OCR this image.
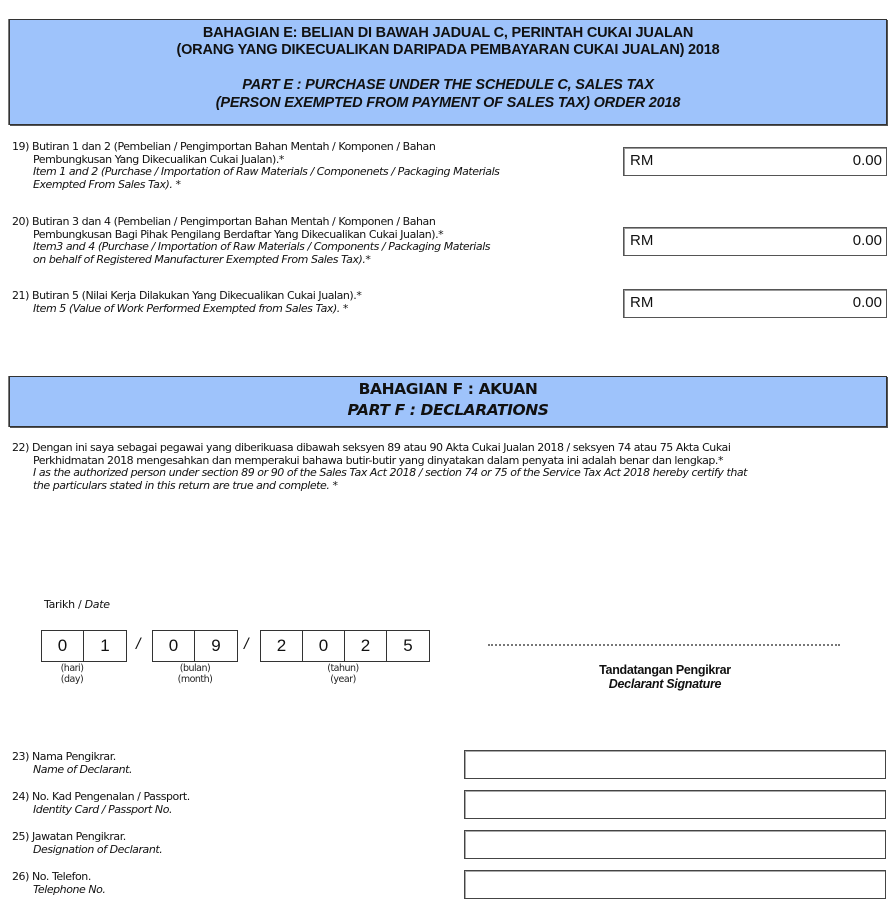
BAHAGIAN E: BELIAN DI BAWAH JADUAL C, PERINTAH CUKAI JUALAN
(ORANG YANG DIKECUALIKAN DARIPADA PEMBAYARAN CUKAI JUALAN) 2018
PART E : PURCHASE UNDER THE SCHEDULE C, SALES TAX
(PERSON EXEMPTED FROM PAYMENT OF SALES TAX) ORDER 2018
19) Butiran 1 dan 2 (Pembelian / Pengimportan Bahan Mentah / Komponen / Bahan
Pembungkusan Yang Dikecualikan Cukai Jualan).*
Item 1 and 2 (Purchase / Importation of Raw Materials / Componenets / Packaging Materials
Exempted From Sales Tax). *
RM	0.00
20) Butiran 3 dan 4 (Pembelian / Pengimportan Bahan Mentah / Komponen / Bahan
Pembungkusan Bagi Pihak Pengilang Berdaftar Yang Dikecualikan Cukai Jualan).*
Item3 and 4 (Purchase / Importation of Raw Materials / Components / Packaging Materials
on behalf of Registered Manufacturer Exempted From Sales Tax).*
RM	0.00
21) Butiran 5 (Nilai Kerja Dilakukan Yang Dikecualikan Cukai Jualan).*
Item 5 (Value of Work Performed Exempted from Sales Tax). *	RM	0.00
BAHAGIAN F : AKUAN
PART F : DECLARATIONS
22) Dengan ini saya sebagai pegawai yang diberikuasa dibawah seksyen 89 atau 90 Akta Cukai Jualan 2018 / seksyen 74 atau 75 Akta Cukai
Perkhidmatan 2018 mengesahkan dan memperakui bahawa butir-butir yang dinyatakan dalam penyata ini adalah benar dan lengkap.*
I as the authorized person under section 89 or 90 of the Sales Tax Act 2018 / section 74 or 75 of the Service Tax Act 2018 hereby certify that
the particulars stated in this return are true and complete. *
Tarikh / Date
0	1	/	0	9	/	2	0	2	5
(hari)
(day)
(bulan)
(month)
(tahun)
(year)
Tandatangan Pengikrar
Declarant Signature
23) Nama Pengikrar.
Name of Declarant.
24) No. Kad Pengenalan / Passport.
Identity Card / Passport No.
25) Jawatan Pengikrar.
Designation of Declarant.
26) No. Telefon.
Telephone No.
